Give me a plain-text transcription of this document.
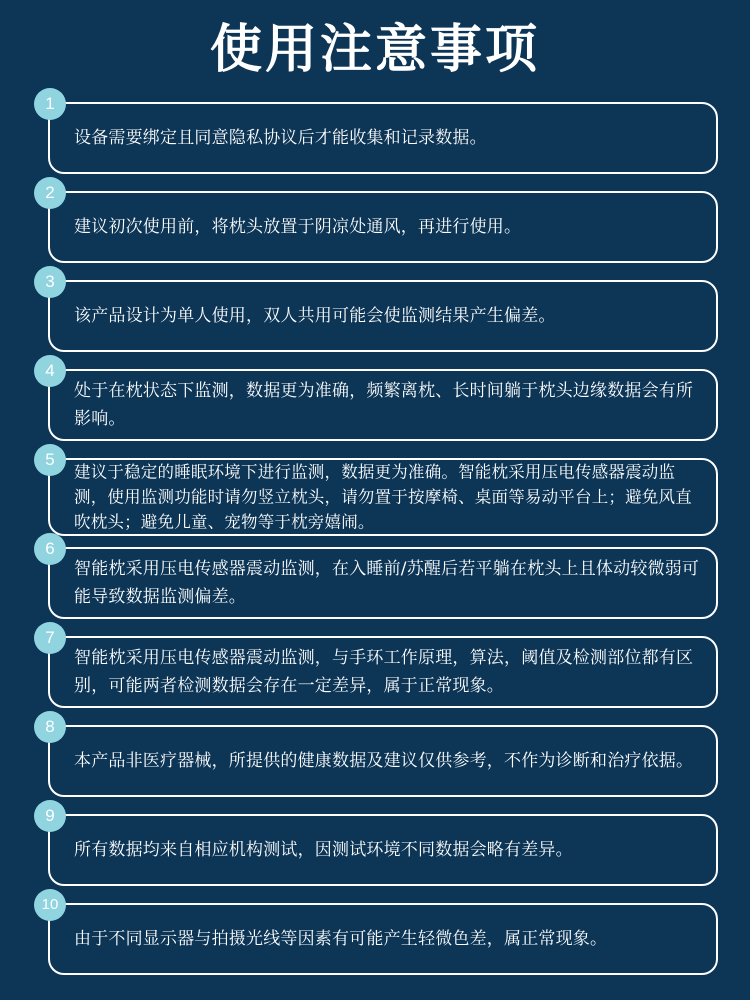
使用注意事项
1
设备需要绑定且同意隐私协议后才能收集和记录数据。
2
建议初次使用前，将枕头放置于阴凉处通风，再进行使用。
3
该产品设计为单人使用，双人共用可能会使监测结果产生偏差。
4
处于在枕状态下监测，数据更为准确，频繁离枕、长时间躺于枕头边缘数据会有所影响。
5
建议于稳定的睡眠环境下进行监测，数据更为准确。智能枕采用压电传感器震动监测，使用监测功能时请勿竖立枕头，请勿置于按摩椅、桌面等易动平台上；避免风直吹枕头；避免儿童、宠物等于枕旁嬉闹。
6
智能枕采用压电传感器震动监测，在入睡前/苏醒后若平躺在枕头上且体动较微弱可能导致数据监测偏差。
7
智能枕采用压电传感器震动监测，与手环工作原理，算法，阈值及检测部位都有区别，可能两者检测数据会存在一定差异，属于正常现象。
8
本产品非医疗器械，所提供的健康数据及建议仅供参考，不作为诊断和治疗依据。
9
所有数据均来自相应机构测试，因测试环境不同数据会略有差异。
10
由于不同显示器与拍摄光线等因素有可能产生轻微色差，属正常现象。
